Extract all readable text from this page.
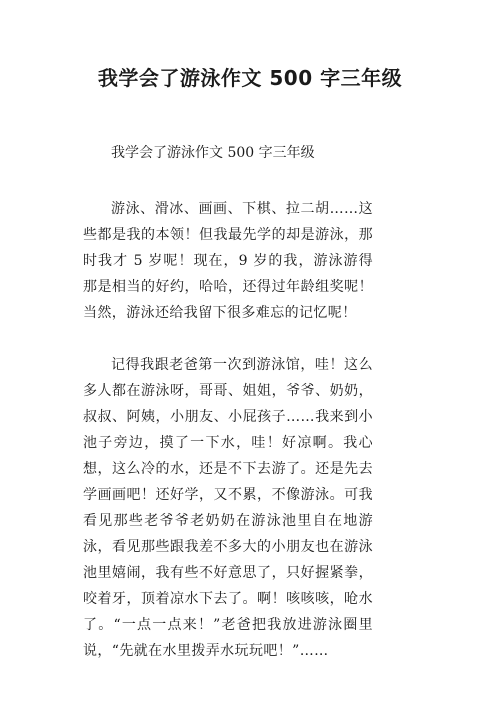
我学会了游泳作文 500 字三年级

我学会了游泳作文 500 字三年级

游泳、滑冰、画画、下棋、拉二胡……这些都是我的本领！但我最先学的却是游泳，那时我才 5 岁呢！现在，9 岁的我，游泳游得那是相当的好约，哈哈，还得过年龄组奖呢！当然，游泳还给我留下很多难忘的记忆呢！

记得我跟老爸第一次到游泳馆，哇！这么多人都在游泳呀，哥哥、姐姐，爷爷、奶奶，叔叔、阿姨，小朋友、小屁孩子……我来到小池子旁边，摸了一下水，哇！好凉啊。我心想，这么冷的水，还是不下去游了。还是先去学画画吧！还好学，又不累，不像游泳。可我看见那些老爷爷老奶奶在游泳池里自在地游泳，看见那些跟我差不多大的小朋友也在游泳池里嬉闹，我有些不好意思了，只好握紧拳，咬着牙，顶着凉水下去了。啊！咳咳咳，呛水了。“一点一点来！”老爸把我放进游泳圈里说，“先就在水里拨弄水玩玩吧！”……
